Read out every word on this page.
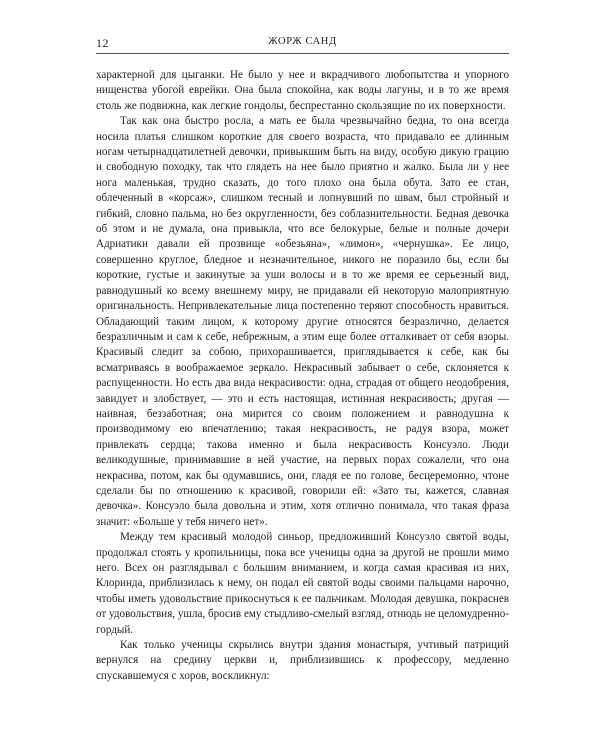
12	ЖОРЖ САНД

характерной для цыганки. Не было у нее и вкрадчивого любопытства и упорного нищенства убогой еврейки. Она была спокойна, как воды лагуны, и в то же время столь же подвижна, как легкие гондолы, беспрестанно скользящие по их поверхности.

Так как она быстро росла, а мать ее была чрезвычайно бедна, то она всегда носила платья слишком короткие для своего возраста, что придавало ее длинным ногам четырнадцатилетней девочки, привыкшим быть на виду, особую дикую грацию и свободную походку, так что глядеть на нее было приятно и жалко. Была ли у нее нога маленькая, трудно сказать, до того плохо она была обута. Зато ее стан, облеченный в «корсаж», слишком тесный и лопнувший по швам, был стройный и гибкий, словно пальма, но без округленности, без соблазнительности. Бедная девочка об этом и не думала, она привыкла, что все белокурые, белые и полные дочери Адриатики давали ей прозвище «обезьяна», «лимон», «чернушка». Ее лицо, совершенно круглое, бледное и незначительное, никого не поразило бы, если бы короткие, густые и закинутые за уши волосы и в то же время ее серьезный вид, равнодушный ко всему внешнему миру, не придавали ей некоторую малоприятную оригинальность. Непривлекательные лица постепенно теряют способность нравиться. Обладающий таким лицом, к которому другие относятся безразлично, делается безразличным и сам к себе, небрежным, а этим еще более отталкивает от себя взоры. Красивый следит за собою, прихорашивается, приглядывается к себе, как бы всматриваясь в воображаемое зеркало. Некрасивый забывает о себе, склоняется к распущенности. Но есть два вида некрасивости: одна, страдая от общего неодобрения, завидует и злобствует, — это и есть настоящая, истинная некрасивость; другая — наивная, беззаботная; она мирится со своим положением и равнодушна к производимому ею впечатлению; такая некрасивость, не радуя взора, может привлекать сердца; такова именно и была некрасивость Консуэло. Люди великодушные, принимавшие в ней участие, на первых порах сожалели, что она некрасива, потом, как бы одумавшись, они, гладя ее по голове, бесцеремонно, чтоне сделали бы по отношению к красивой, говорили ей: «Зато ты, кажется, славная девочка». Консуэло была довольна и этим, хотя отлично понимала, что такая фраза значит: «Больше у тебя ничего нет».

Между тем красивый молодой синьор, предложивший Консуэло святой воды, продолжал стоять у кропильницы, пока все ученицы одна за другой не прошли мимо него. Всех он разглядывал с большим вниманием, и когда самая красивая из них, Клоринда, приблизилась к нему, он подал ей святой воды своими пальцами нарочно, чтобы иметь удовольствие прикоснуться к ее пальчикам. Молодая девушка, покраснев от удовольствия, ушла, бросив ему стыдливо-смелый взгляд, отнюдь не целомудренно-гордый.

Как только ученицы скрылись внутри здания монастыря, учтивый патриций вернулся на средину церкви и, приблизившись к профессору, медленно спускавшемуся с хоров, воскликнул:
